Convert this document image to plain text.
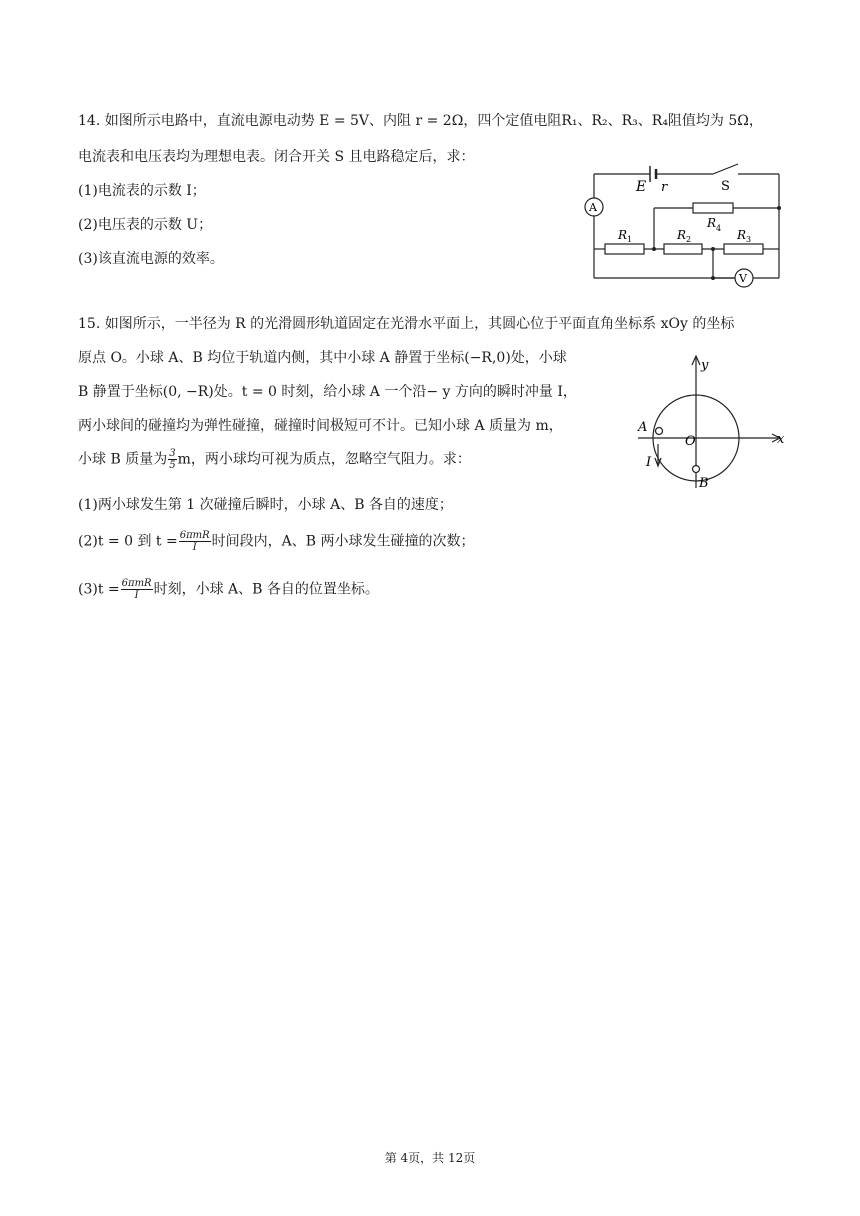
14. 如图所示电路中，直流电源电动势 E = 5V、内阻 r = 2Ω，四个定值电阻R₁、R₂、R₃、R₄阻值均为 5Ω，
电流表和电压表均为理想电表。闭合开关 S 且电路稳定后，求：
(1)电流表的示数 I；
(2)电压表的示数 U；
(3)该直流电源的效率。
E r	S
A
V
R 1	R 2	R 3
R 4
15. 如图所示，一半径为 R 的光滑圆形轨道固定在光滑水平面上，其圆心位于平面直角坐标系 xOy 的坐标
原点 O。小球 A、B 均位于轨道内侧，其中小球 A 静置于坐标(−R,0)处，小球
B 静置于坐标(0, −R)处。t = 0 时刻，给小球 A 一个沿− y 方向的瞬时冲量 I，
两小球间的碰撞均为弹性碰撞，碰撞时间极短可不计。已知小球 A 质量为 m，
小球 B 质量为 $\frac{3}{5}$ m，两小球均可视为质点，忽略空气阻力。求：
(1)两小球发生第 1 次碰撞后瞬时，小球 A、B 各自的速度；
(2)t = 0 到 $t = \frac{\text{6πmR}}{I}$ 时间段内，A、B 两小球发生碰撞的次数；
$(3)t = \frac{\text{6πmR}}{I}$ 时刻，小球 A、B 各自的位置坐标。
y
x
O
A
B
I
第 4页，共 12页
